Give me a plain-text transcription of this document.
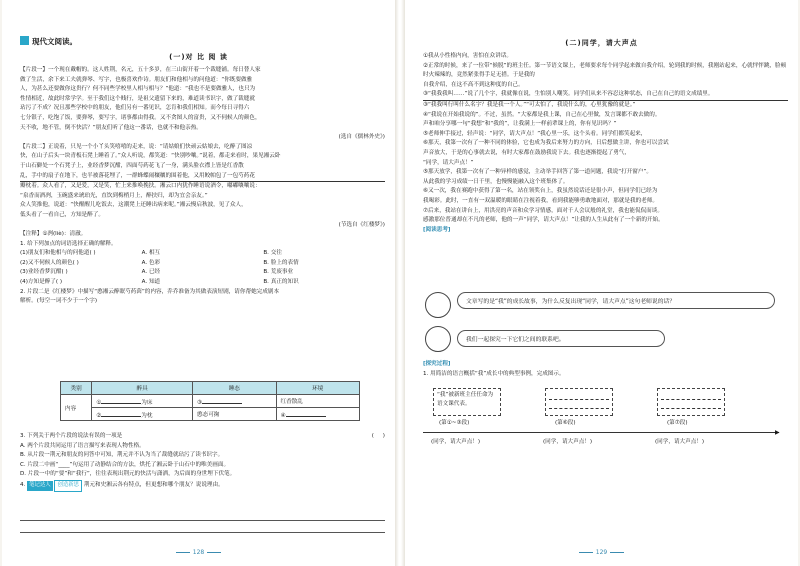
现代文阅读。
(一)对 比 阅 读

【片段一】一个现在戴帽的。这人姓荆，名元，五十多岁，在三山街开着一个裁缝铺。每日替人家

做了生活，余下来工夫就弹琴、写字，也极喜欢作诗。朋友们和他相与的问他道：“你既要做雅

人，为甚么还要做你这贵行？何不同些学校里人相与相与？”他道：“我也不是要做雅人，也只为

性情相近，故此时常学学。至于我们这个贱行，是祖父遗留下来的，难道读书识字，做了裁缝就

玷污了不成？况且那些学校中的朋友，他们另有一番见识，怎肯和我们相知。而今每日寻得六

七分银子，吃饱了饭，要弹琴，要写字，诸事都由得我。又不贪图人的富贵，又不伺候人的颜色，

天不收，地不管，倒不快活？”朋友们听了他这一番话，也就不和他亲热。

(选自《儒林外史》)

【片段二】正说着，只见一个小丫头笑嘻嘻的走来，说：“请姑娘们快顽云姑娘去，吃醉了图凉

快，在山子后头一块青板石凳上睡着了。”众人听说，都笑道：“快别吵嚷。”说着，都走来看时，果见湘云卧

于山石僻处一个石凳子上，业经香梦沉酣，四面芍药花飞了一身，满头脸衣襟上皆是红香散

乱，手中的扇子在地下，也半被落花埋了，一群蜂蝶闹穰穰的围着他，又用鲛帕包了一包芍药花

瓣枕着。众人看了，又是爱，又是笑，忙上来推唤挽扶。湘云口内犹作睡语说酒令，嘟嘟嚷嚷说：

“泉香而酒冽，玉碗盛来琥珀光，直饮到梅梢月上，醉扶归，却为宜会亲友。”

众人笑推他，说道：“快醒醒儿吃饭去，这潮凳上还睡出病来呢。”湘云慢启秋波，见了众人，

低头看了一看自己，方知是醉了。

(节选自《红楼梦》)

【注释】①冽(liè)：清澈。

1. 给下列加点的词语选择正确的解释。

(1)朋友们和他相与的问他道( )	A. 相互	B. 交往
(2)又不伺候人的颜色( )	A. 色彩	B. 脸上的表情
(3)业经香梦沉酣( )	A. 已经	B. 荒废事业
(4)方知是醉了( )	A. 知道	B. 真正的知识

2. 片段二是《红楼梦》中描写“憨湘云醉眠芍药茵”的内容，乔乔准备为其做表演短剧，请你帮她完成剧本

解析。(每空一词不少于一个字)

类别	醉具	睡态	环境
内容	① 为床	③	红香散乱
	② 为枕	憨态可掬	④

3. 下列关于两个片段的说法有误的一项是	(     )

A. 两个片段共同运用了语言描写来表现人物性格。

B. 从片段一荆元和朋友的问答中可知，荆元并不认为当了裁缝就玷污了读书识字。

C. 片段二中画“____”句运用了动静结合的方法，烘托了湘云卧于山石中的唯美画面。

D. 片段一中的“要”和“我行”，往往表现出荆元的快活与潇洒，为后面的身世埋下伏笔。

4. 笔记达人 创造新思 荆元和史湘云各有特点，但更想和哪个朋友？说说理由。

128
(二)同学，请大声点

①我从小性格内向，害怕在众讲话。

②正常的时候，来了一位带“候脱”的班主任。第一节语文课上，老师要求每个同学起来做自我介绍，轮到我的时候，我刚站起来，心就怦怦跳，脸顿时火辣辣的，竟然紧张得手足无措。于是我的

自我介绍，在这不高不到这种度的自己。

③“我我我叫……”说了几个字，我就像在说，生怕别人嘲笑。同学们从来不容忍这种状态，自己在自己的语文成绩里。

③“我我叫行叫什么名字？我是我一个人。”“可太怕了，我说什么的，心里犹豫的就是。”

④“我说在开始我说的”。不过，虽然。“大家都是我上课，自己在心里做，发言课都不敢去做的。

声和咱分享哪一句“我想”和“我的”，让我满上一样前辈课上的，你有见识吗？”

⑤老师伸手接过，轻声说：“同学，请大声点！”我心里一乐，这个头看。同学们都笑起来，

⑥那天，我第一次有了一种不同的体验，它也成为我后来努力的方向，日后想做主讲，你也可以尝试

声音放大，于是的心事就去说，有时大家都在鼓励我说下去。我也逐渐提起了勇气，

“同学，请大声点！”

⑤那天放学，我第一次有了一种异样的感觉，主动举手回答了第一道问题，我说“打开窗户”。

从此我的学习成绩一日千里，也慢慢能融入这个班集体了。

⑥又一次，我在赛跑中获得了第一名，站在领奖台上，我虽然说话还是很小声，但同学们已经为

我喝彩。此时，一直有一双温暖的眼睛在注视着我，看到我能够勇敢地面对，那就是我的老师。

⑦后来，我站在讲台上，用洪亮的声音和众学习情感，面对千人会议般的礼堂，我也能侃侃而谈。

感激那位普通却在不凡的老师，他的一声“同学，请大声点！”让我的人生从此有了一个新的开始。

[阅读思考]

文章写的是“我”的成长故事，为什么反复出现“同学，请大声点”这句老师说的话？
我们一起探究一下它们之间的联系吧。

[探究过程]

1. 用简洁的语言概括“我”成长中的典型事例，完成图示。

“我”被新班主任任命为语文课代表。
(第①~③段)	(第⑥段)	(第⑦段)
▶
(同学，请大声点！)	(同学，请大声点！)	(同学，请大声点！)
129
